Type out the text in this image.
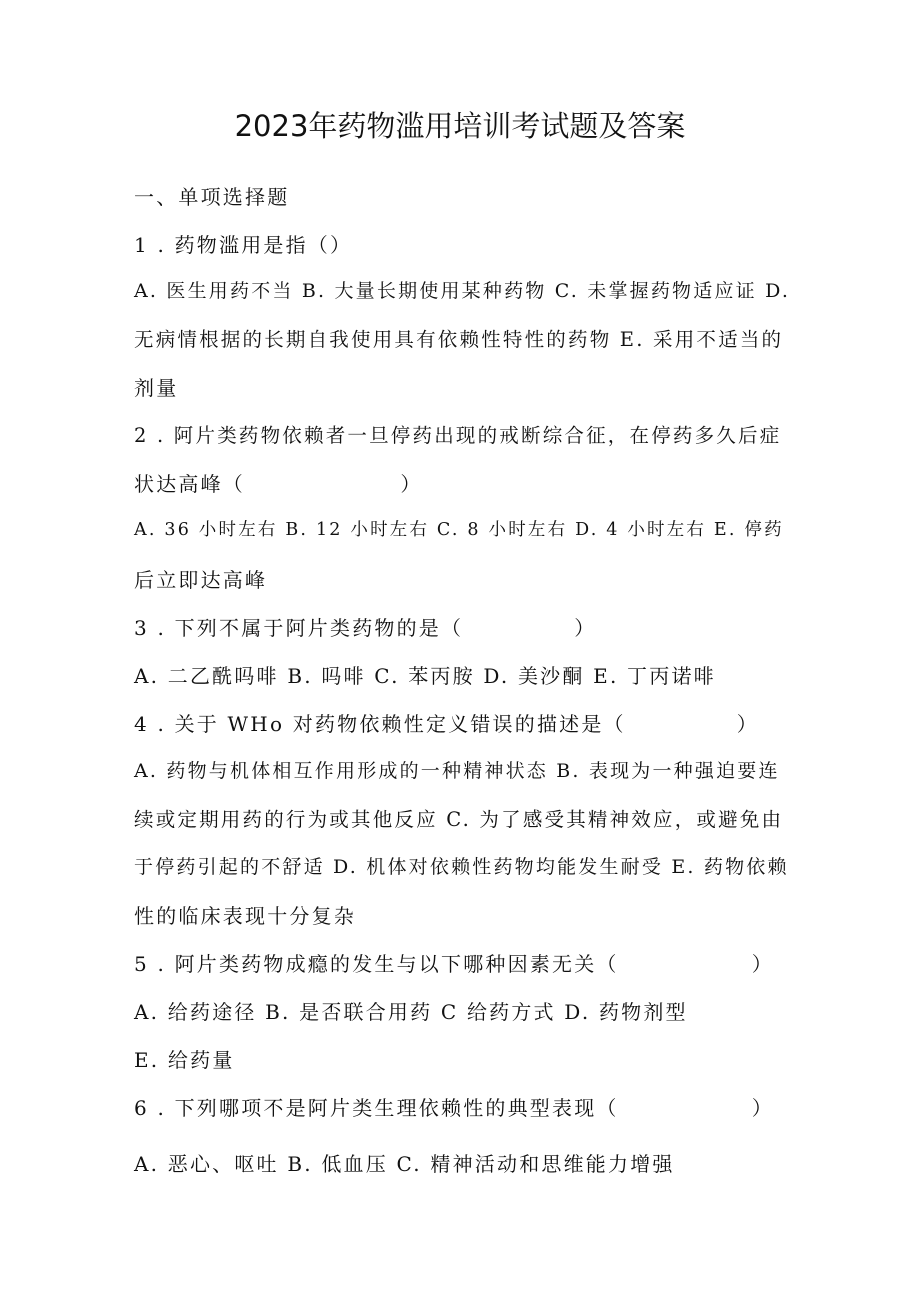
2023年药物滥用培训考试题及答案
一、单项选择题
1 . 药物滥用是指（）
A. 医生用药不当 B. 大量长期使用某种药物 C. 未掌握药物适应证 D.
无病情根据的长期自我使用具有依赖性特性的药物 E. 采用不适当的
剂量
2 . 阿片类药物依赖者一旦停药出现的戒断综合征，在停药多久后症
状达高峰（　　　　　　　）
A. 36 小时左右 B. 12 小时左右 C. 8 小时左右 D. 4 小时左右 E. 停药
后立即达高峰
3 . 下列不属于阿片类药物的是（　　　　　）
A. 二乙酰吗啡 B. 吗啡 C. 苯丙胺 D. 美沙酮 E. 丁丙诺啡
4 . 关于 WHo 对药物依赖性定义错误的描述是（　　　　　）
A. 药物与机体相互作用形成的一种精神状态 B. 表现为一种强迫要连
续或定期用药的行为或其他反应 C. 为了感受其精神效应，或避免由
于停药引起的不舒适 D. 机体对依赖性药物均能发生耐受 E. 药物依赖
性的临床表现十分复杂
5 . 阿片类药物成瘾的发生与以下哪种因素无关（　　　　　　）
A. 给药途径 B. 是否联合用药 C 给药方式 D. 药物剂型
E. 给药量
6 . 下列哪项不是阿片类生理依赖性的典型表现（　　　　　　）
A. 恶心、呕吐 B. 低血压 C. 精神活动和思维能力增强
